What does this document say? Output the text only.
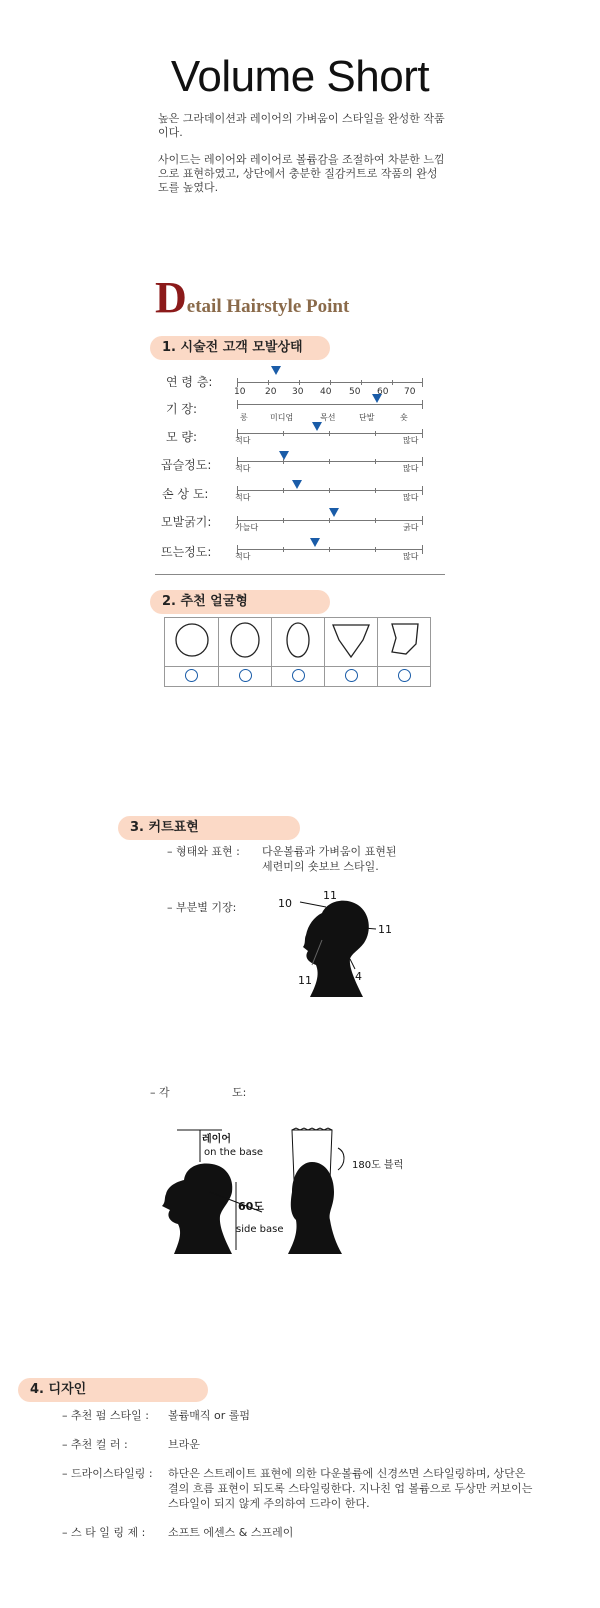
Volume Short

높은 그라데이션과 레이어의 가벼움이 스타일을 완성한 작품이다.

사이드는 레이어와 레이어로 볼륨감을 조절하여 차분한 느낌으로 표현하였고, 상단에서 충분한 질감커트로 작품의 완성도를 높였다.

Detail Hairstyle Point
1. 시술전 고객 모발상태
연 령 층:
10 20 30 40 50 60 70
기 장:
롱	미디엄	목선	단발	숏
모 량:	적다	많다
곱슬정도:	적다	많다
손 상 도:	적다	많다
모발굵기:	가늘다	굵다
뜨는정도:	적다	많다
2. 추천 얼굴형

3. 커트표현
– 형태와 표현 : 다운볼륨과 가벼움이 표현된
세련미의 숏보브 스타일.
– 부분별 기장:
11
10
11
4
11
– 각	도:
레이어
on the base
60도
side base
180도 블럭
4. 디자인
– 추천 펌 스타일 : 볼륨매직 or 롤펌
– 추천 컬 러 :	브라운
– 드라이스타일링 : 하단은 스트레이트 표현에 의한 다운볼륨에 신경쓰면 스타일링하며, 상단은
결의 흐름 표현이 되도록 스타일링한다. 지나친 업 볼륨으로 두상만 커보이는
스타일이 되지 않게 주의하여 드라이 한다.
– 스 타 일 링 제 : 소프트 에센스 & 스프레이
